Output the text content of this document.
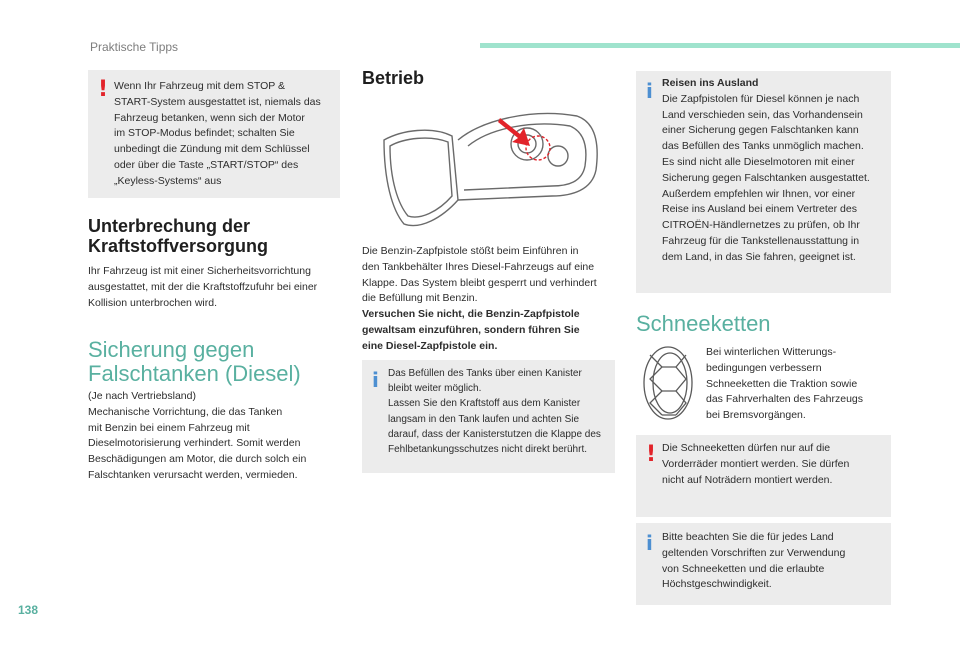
Praktische Tipps
! Wenn Ihr Fahrzeug mit dem STOP &
START-System ausgestattet ist, niemals das
Fahrzeug betanken, wenn sich der Motor
im STOP-Modus befindet; schalten Sie
unbedingt die Zündung mit dem Schlüssel
oder über die Taste „START/STOP“ des
„Keyless-Systems“ aus
Unterbrechung der
Kraftstoffversorgung
Ihr Fahrzeug ist mit einer Sicherheitsvorrichtung
ausgestattet, mit der die Kraftstoffzufuhr bei einer
Kollision unterbrochen wird.
Sicherung gegen
Falschtanken (Diesel)
(Je nach Vertriebsland)
Mechanische Vorrichtung, die das Tanken
mit Benzin bei einem Fahrzeug mit
Dieselmotorisierung verhindert. Somit werden
Beschädigungen am Motor, die durch solch ein
Falschtanken verursacht werden, vermieden.
Betrieb
Die Benzin-Zapfpistole stößt beim Einführen in
den Tankbehälter Ihres Diesel-Fahrzeugs auf eine
Klappe. Das System bleibt gesperrt und verhindert
die Befüllung mit Benzin.
Versuchen Sie nicht, die Benzin-Zapfpistole
gewaltsam einzuführen, sondern führen Sie
eine Diesel-Zapfpistole ein.
i Das Befüllen des Tanks über einen Kanister
bleibt weiter möglich.
Lassen Sie den Kraftstoff aus dem Kanister
langsam in den Tank laufen und achten Sie
darauf, dass der Kanisterstutzen die Klappe des
Fehlbetankungsschutzes nicht direkt berührt.
i Reisen ins Ausland
Die Zapfpistolen für Diesel können je nach
Land verschieden sein, das Vorhandensein
einer Sicherung gegen Falschtanken kann
das Befüllen des Tanks unmöglich machen.
Es sind nicht alle Dieselmotoren mit einer
Sicherung gegen Falschtanken ausgestattet.
Außerdem empfehlen wir Ihnen, vor einer
Reise ins Ausland bei einem Vertreter des
CITROËN-Händlernetzes zu prüfen, ob Ihr
Fahrzeug für die Tankstellenausstattung in
dem Land, in das Sie fahren, geeignet ist.
Schneeketten
Bei winterlichen Witterungs-
bedingungen verbessern
Schneeketten die Traktion sowie
das Fahrverhalten des Fahrzeugs
bei Bremsvorgängen.
! Die Schneeketten dürfen nur auf die
Vorderräder montiert werden. Sie dürfen
nicht auf Noträdern montiert werden.
i Bitte beachten Sie die für jedes Land
geltenden Vorschriften zur Verwendung
von Schneeketten und die erlaubte
Höchstgeschwindigkeit.
138
